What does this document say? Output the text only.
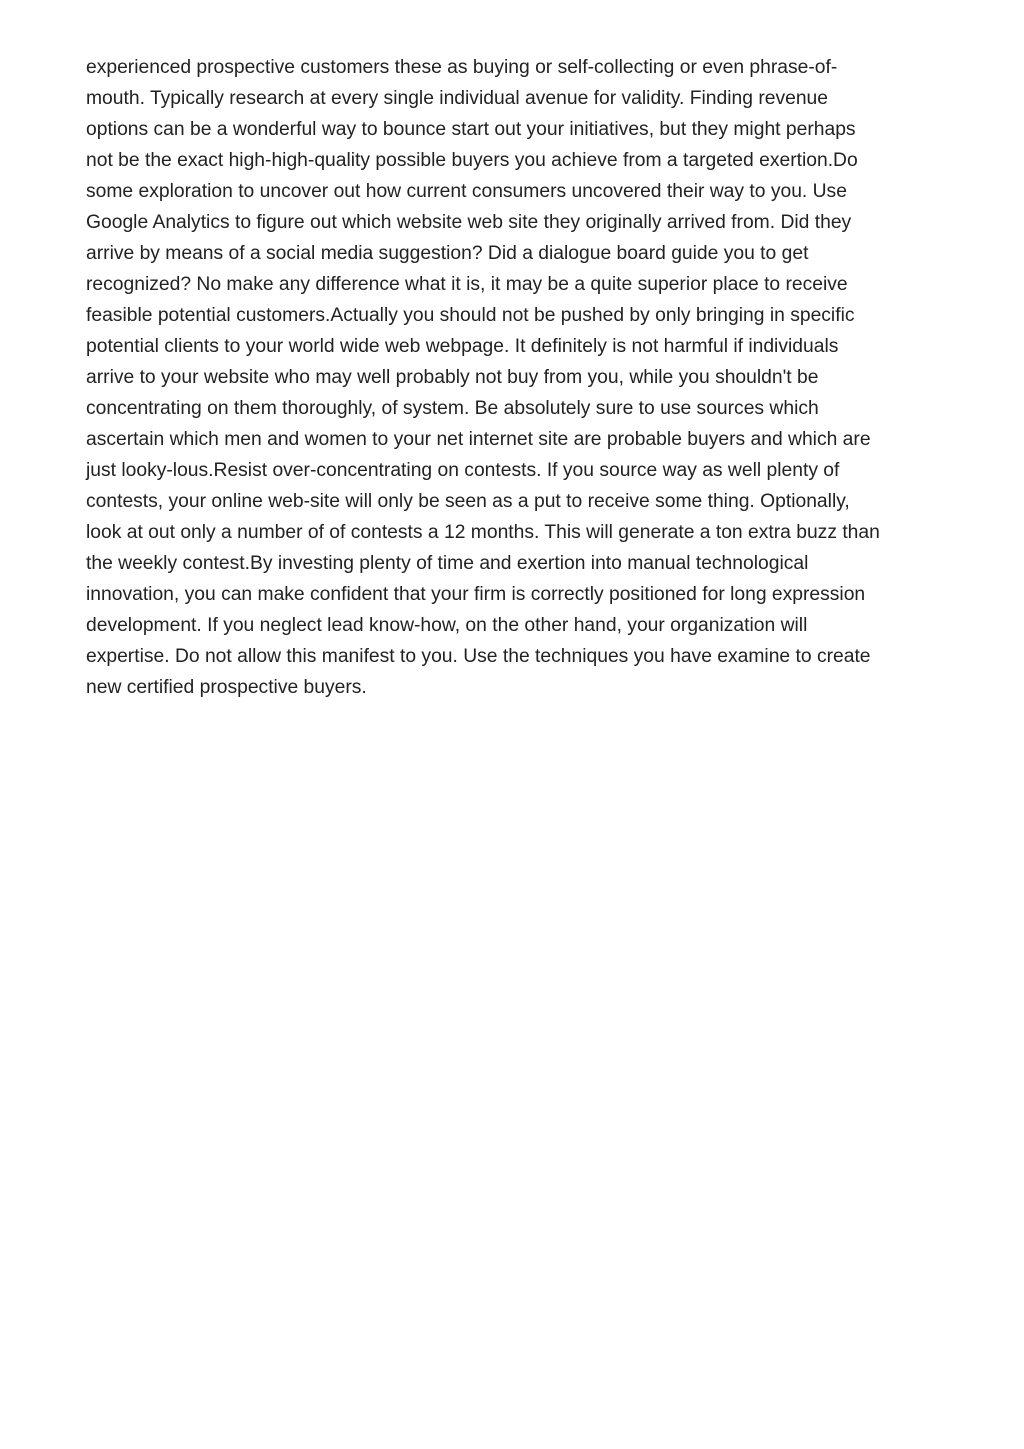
experienced prospective customers these as buying or self-collecting or even phrase-of-
mouth. Typically research at every single individual avenue for validity. Finding revenue
options can be a wonderful way to bounce start out your initiatives, but they might perhaps
not be the exact high-high-quality possible buyers you achieve from a targeted exertion.Do
some exploration to uncover out how current consumers uncovered their way to you. Use
Google Analytics to figure out which website web site they originally arrived from. Did they
arrive by means of a social media suggestion? Did a dialogue board guide you to get
recognized? No make any difference what it is, it may be a quite superior place to receive
feasible potential customers.Actually you should not be pushed by only bringing in specific
potential clients to your world wide web webpage. It definitely is not harmful if individuals
arrive to your website who may well probably not buy from you, while you shouldn't be
concentrating on them thoroughly, of system. Be absolutely sure to use sources which
ascertain which men and women to your net internet site are probable buyers and which are
just looky-lous.Resist over-concentrating on contests. If you source way as well plenty of
contests, your online web-site will only be seen as a put to receive some thing. Optionally,
look at out only a number of of contests a 12 months. This will generate a ton extra buzz than
the weekly contest.By investing plenty of time and exertion into manual technological
innovation, you can make confident that your firm is correctly positioned for long expression
development. If you neglect lead know-how, on the other hand, your organization will
expertise. Do not allow this manifest to you. Use the techniques you have examine to create
new certified prospective buyers.
